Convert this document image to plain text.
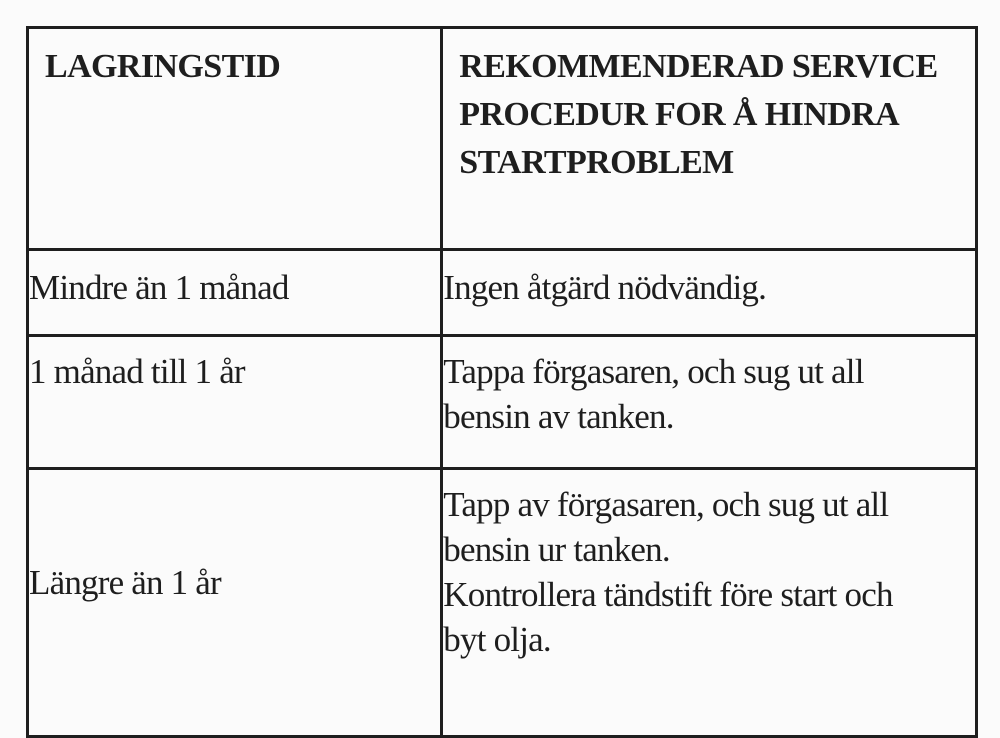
LAGRINGSTID	REKOMMENDERAD SERVICE
PROCEDUR FOR Å HINDRA
STARTPROBLEM

Mindre än 1 månad	Ingen åtgärd nödvändig.

1 månad till 1 år	Tappa förgasaren, och sug ut all
bensin av tanken.

Längre än 1 år	Tapp av förgasaren, och sug ut all
bensin ur tanken.
Kontrollera tändstift före start och
byt olja.
